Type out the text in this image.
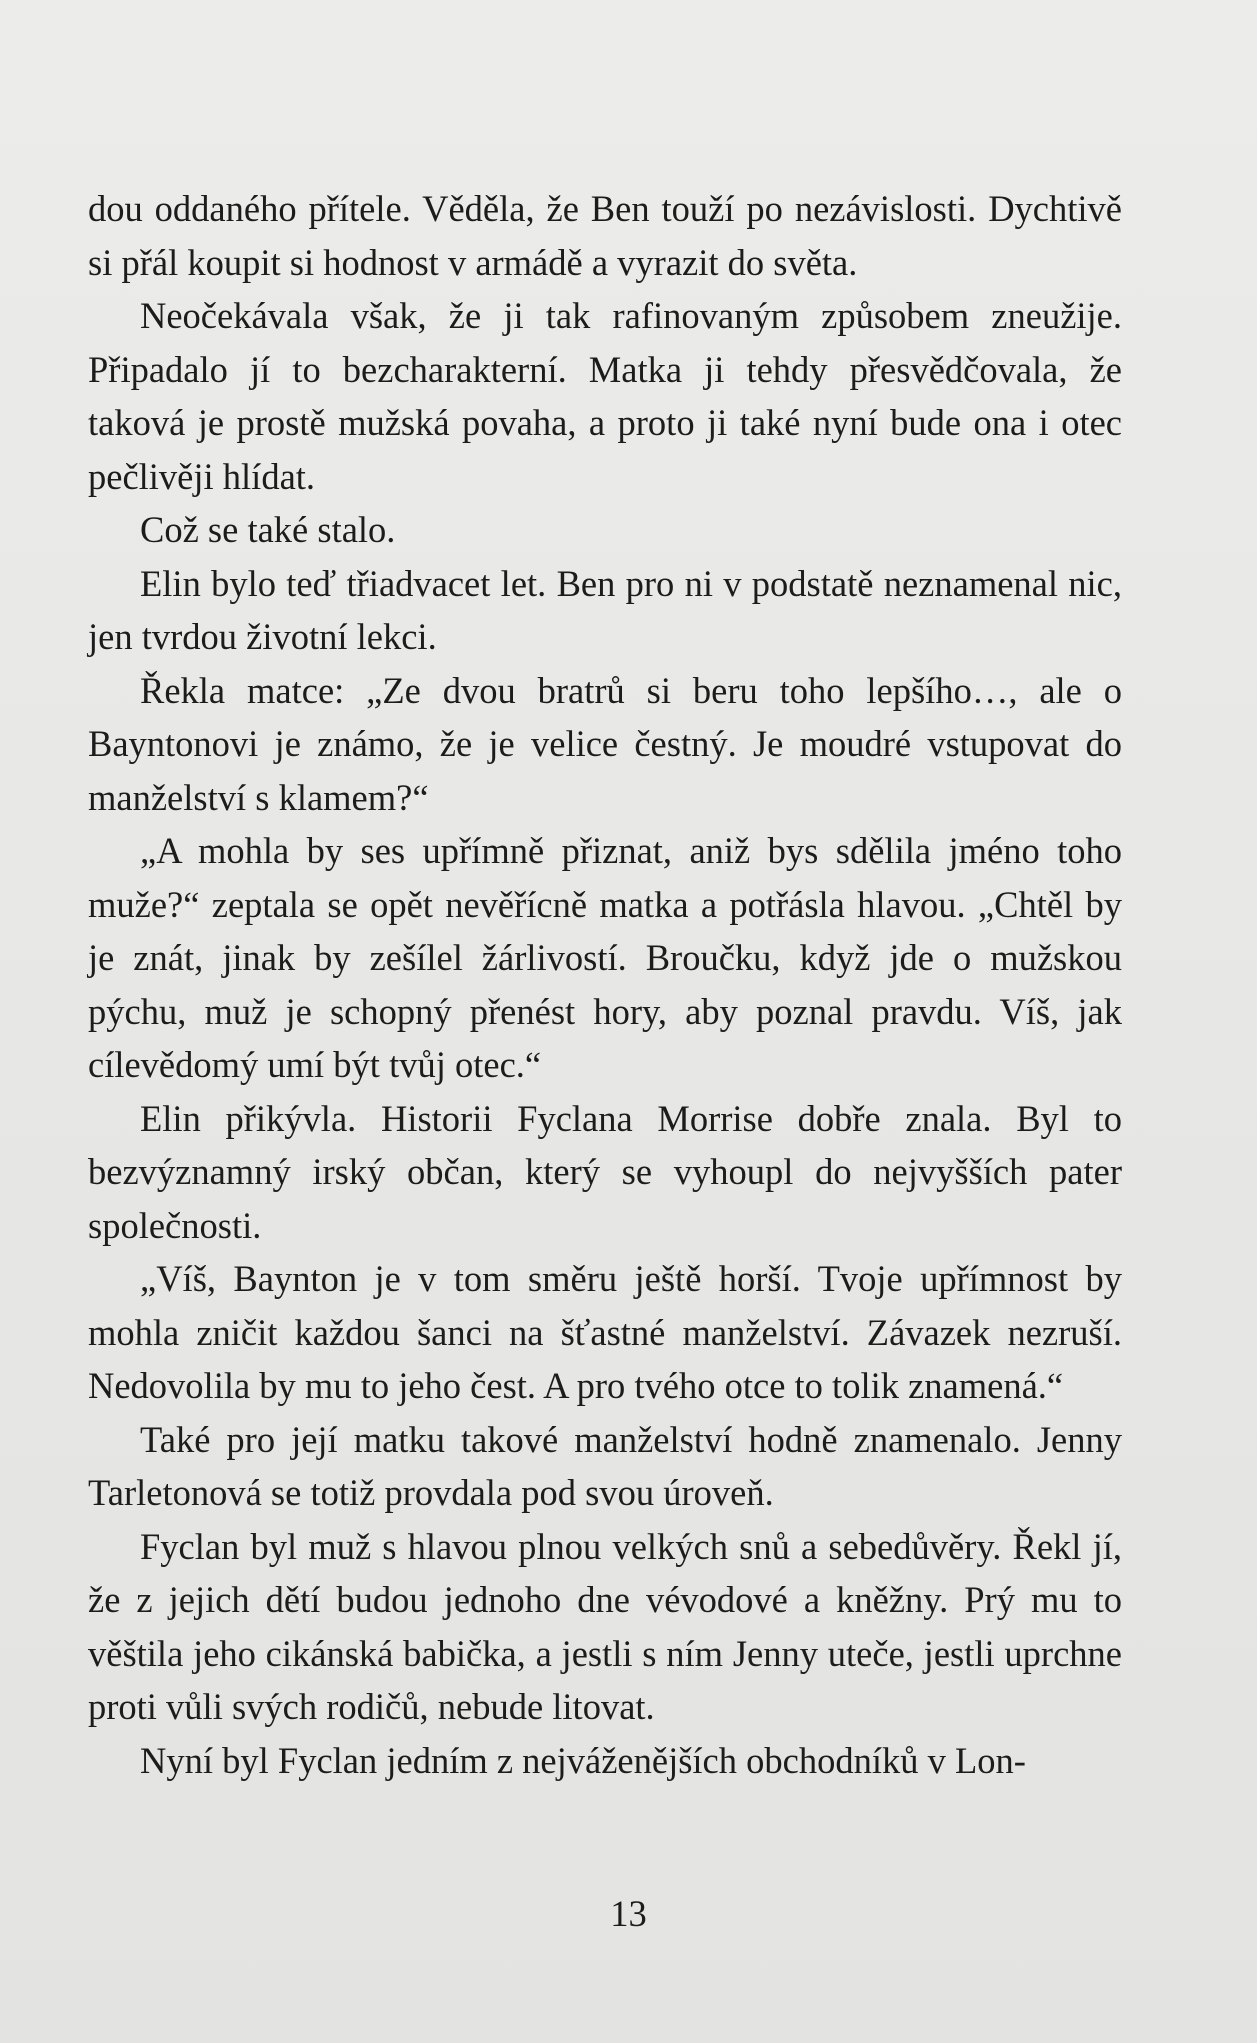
dou oddaného přítele. Věděla, že Ben touží po nezávislosti. Dychtivě si přál koupit si hodnost v armádě a vyrazit do světa.

Neočekávala však, že ji tak rafinovaným způsobem zneužije. Připadalo jí to bezcharakterní. Matka ji tehdy přesvědčovala, že taková je prostě mužská povaha, a proto ji také nyní bude ona i otec pečlivěji hlídat.

Což se také stalo.

Elin bylo teď třiadvacet let. Ben pro ni v podstatě neznamenal nic, jen tvrdou životní lekci.

Řekla matce: „Ze dvou bratrů si beru toho lepšího…, ale o Bayntonovi je známo, že je velice čestný. Je moudré vstupovat do manželství s klamem?“

„A mohla by ses upřímně přiznat, aniž bys sdělila jméno toho muže?“ zeptala se opět nevěřícně matka a potřásla hlavou. „Chtěl by je znát, jinak by zešílel žárlivostí. Broučku, když jde o mužskou pýchu, muž je schopný přenést hory, aby poznal pravdu. Víš, jak cílevědomý umí být tvůj otec.“

Elin přikývla. Historii Fyclana Morrise dobře znala. Byl to bezvýznamný irský občan, který se vyhoupl do nejvyšších pater společnosti.

„Víš, Baynton je v tom směru ještě horší. Tvoje upřímnost by mohla zničit každou šanci na šťastné manželství. Závazek nezruší. Nedovolila by mu to jeho čest. A pro tvého otce to tolik znamená.“

Také pro její matku takové manželství hodně znamenalo. Jenny Tarletonová se totiž provdala pod svou úroveň.

Fyclan byl muž s hlavou plnou velkých snů a sebedůvěry. Řekl jí, že z jejich dětí budou jednoho dne vévodové a kněžny. Prý mu to věštila jeho cikánská babička, a jestli s ním Jenny uteče, jestli uprchne proti vůli svých rodičů, nebude litovat.

Nyní byl Fyclan jedním z nejváženějších obchodníků v Lon-

13
